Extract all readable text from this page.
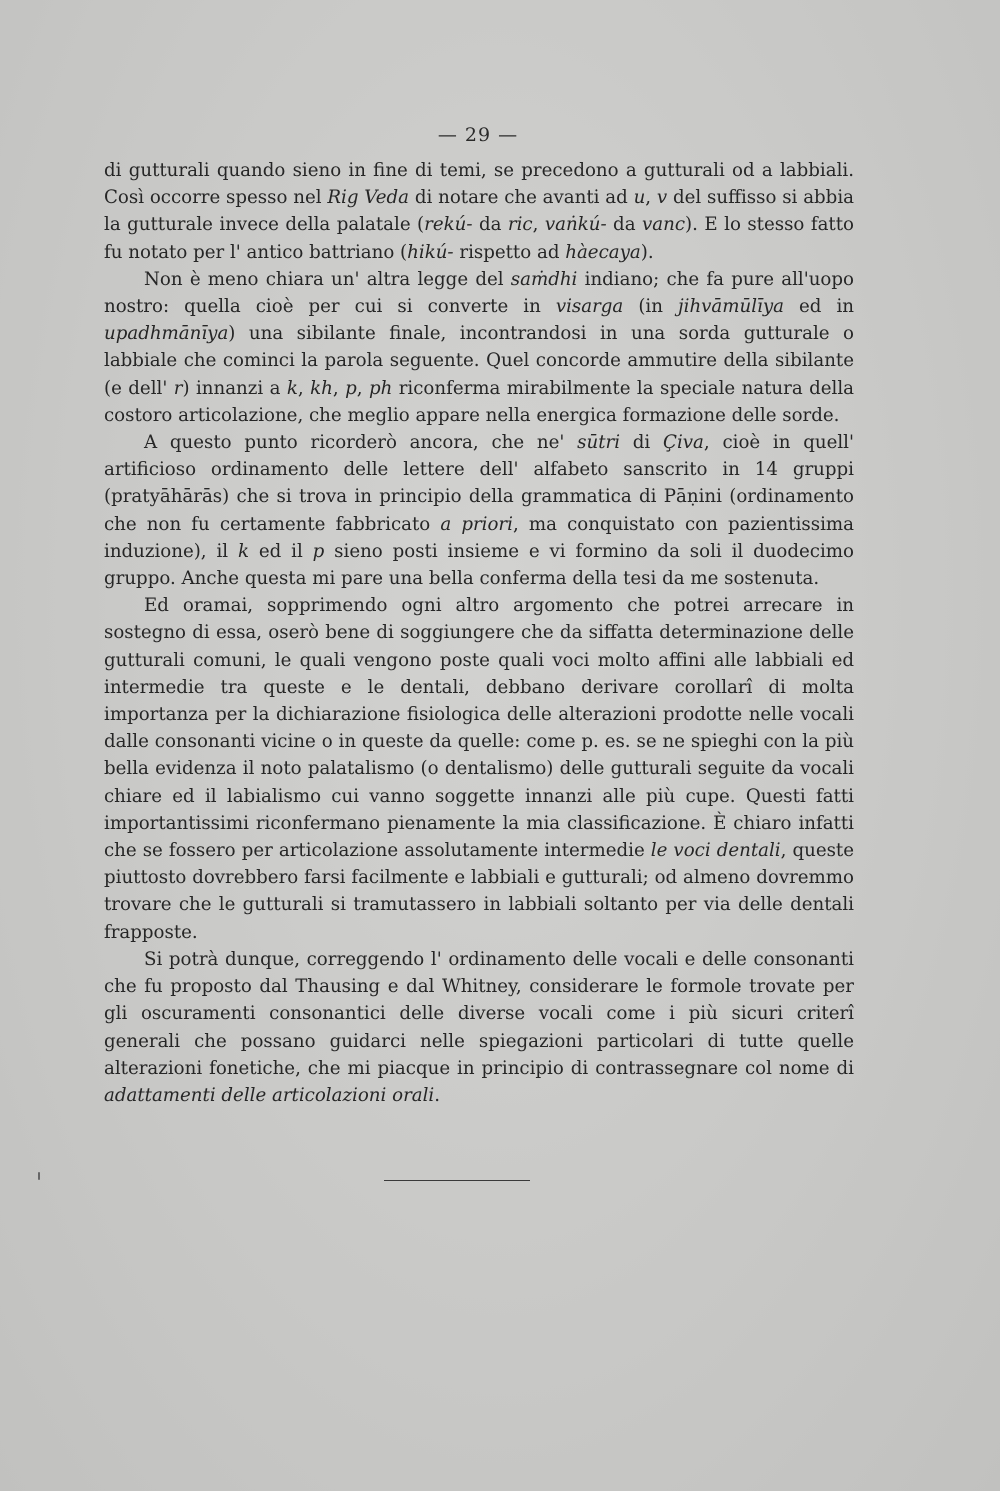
— 29 —

di gutturali quando sieno in fine di temi, se precedono a gutturali od a labbiali. Così occorre spesso nel Rig Veda di notare che avanti ad u, v del suffisso si abbia la gutturale invece della palatale (rekú- da ric, vaṅkú- da vanc). E lo stesso fatto fu notato per l' antico battriano (hikú- rispetto ad hàecaya).

Non è meno chiara un' altra legge del saṁdhi indiano; che fa pure all'uopo nostro: quella cioè per cui si converte in visarga (in jihvāmūlīya ed in upadhmānīya) una sibilante finale, incontrandosi in una sorda gutturale o labbiale che cominci la parola seguente. Quel concorde ammutire della sibilante (e dell' r) innanzi a k, kh, p, ph riconferma mirabilmente la speciale natura della costoro articolazione, che meglio appare nella energica formazione delle sorde.

A questo punto ricorderò ancora, che ne' sūtri di Çiva, cioè in quell' artificioso ordinamento delle lettere dell' alfabeto sanscrito in 14 gruppi (pratyāhārās) che si trova in principio della grammatica di Pāṇini (ordinamento che non fu certamente fabbricato a priori, ma conquistato con pazientissima induzione), il k ed il p sieno posti insieme e vi formino da soli il duodecimo gruppo. Anche questa mi pare una bella conferma della tesi da me sostenuta.

Ed oramai, sopprimendo ogni altro argomento che potrei arrecare in sostegno di essa, oserò bene di soggiungere che da siffatta determinazione delle gutturali comuni, le quali vengono poste quali voci molto affini alle labbiali ed intermedie tra queste e le dentali, debbano derivare corollarî di molta importanza per la dichiarazione fisiologica delle alterazioni prodotte nelle vocali dalle consonanti vicine o in queste da quelle: come p. es. se ne spieghi con la più bella evidenza il noto palatalismo (o dentalismo) delle gutturali seguite da vocali chiare ed il labialismo cui vanno soggette innanzi alle più cupe. Questi fatti importantissimi riconfermano pienamente la mia classificazione. È chiaro infatti che se fossero per articolazione assolutamente intermedie le voci dentali, queste piuttosto dovrebbero farsi facilmente e labbiali e gutturali; od almeno dovremmo trovare che le gutturali si tramutassero in labbiali soltanto per via delle dentali frapposte.

Si potrà dunque, correggendo l' ordinamento delle vocali e delle consonanti che fu proposto dal Thausing e dal Whitney, considerare le formole trovate per gli oscuramenti consonantici delle diverse vocali come i più sicuri criterî generali che possano guidarci nelle spiegazioni particolari di tutte quelle alterazioni fonetiche, che mi piacque in principio di contrassegnare col nome di adattamenti delle articolazioni orali.
